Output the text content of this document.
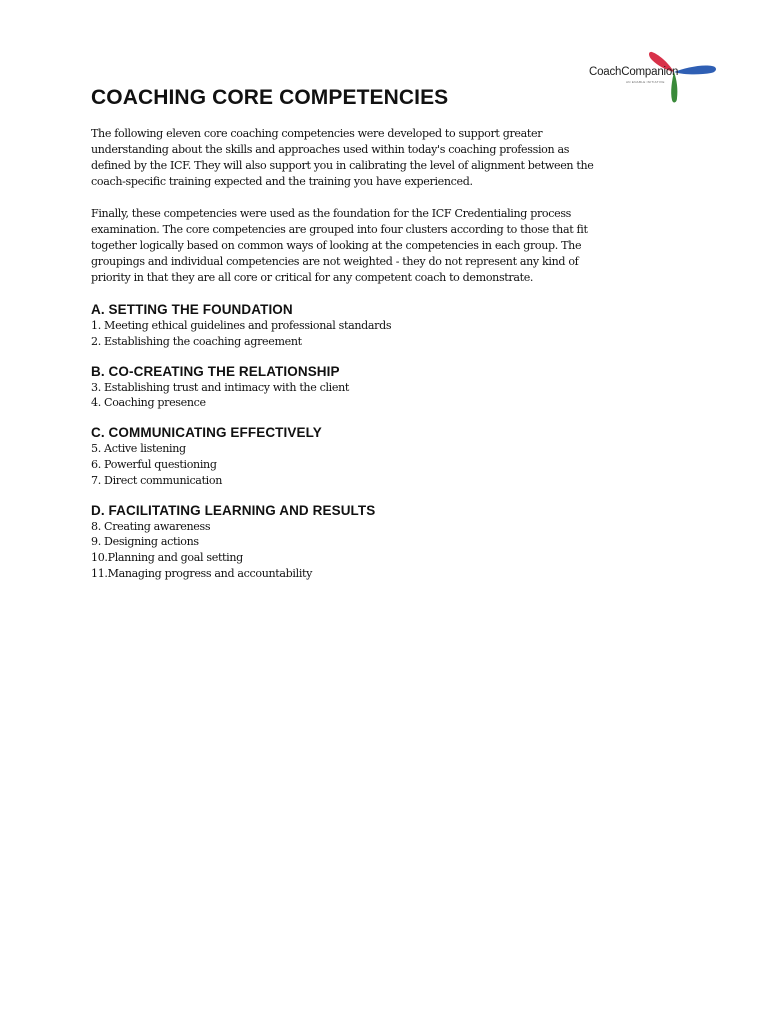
CoachCompanion
AN ENABLE INITIATIVE
COACHING CORE COMPETENCIES

The following eleven core coaching competencies were developed to support greater
understanding about the skills and approaches used within today's coaching profession as
defined by the ICF. They will also support you in calibrating the level of alignment between the
coach-specific training expected and the training you have experienced.

Finally, these competencies were used as the foundation for the ICF Credentialing process
examination. The core competencies are grouped into four clusters according to those that fit
together logically based on common ways of looking at the competencies in each group. The
groupings and individual competencies are not weighted - they do not represent any kind of
priority in that they are all core or critical for any competent coach to demonstrate.

A. SETTING THE FOUNDATION

1. Meeting ethical guidelines and professional standards

2. Establishing the coaching agreement

B. CO-CREATING THE RELATIONSHIP

3. Establishing trust and intimacy with the client

4. Coaching presence

C. COMMUNICATING EFFECTIVELY

5. Active listening

6. Powerful questioning

7. Direct communication

D. FACILITATING LEARNING AND RESULTS

8. Creating awareness

9. Designing actions

10.Planning and goal setting

11.Managing progress and accountability
